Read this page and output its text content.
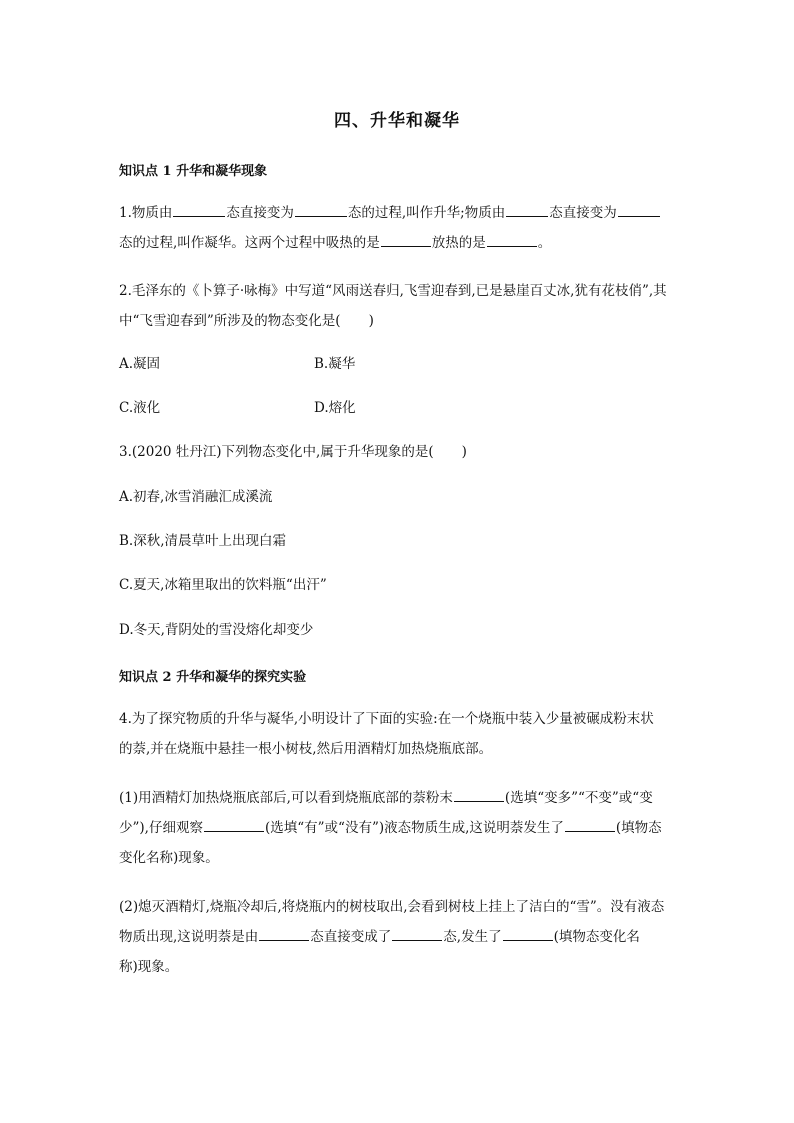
四、升华和凝华
知识点 1 升华和凝华现象
1.物质由	态直接变为	态的过程,叫作升华;物质由	态直接变为
态的过程,叫作凝华。这两个过程中吸热的是	放热的是	。
2.毛泽东的《卜算子·咏梅》中写道“风雨送春归,飞雪迎春到,已是悬崖百丈冰,犹有花枝俏”,其
中“飞雪迎春到”所涉及的物态变化是( )
A.凝固	B.凝华
C.液化	D.熔化
3.(2020 牡丹江)下列物态变化中,属于升华现象的是( )
A.初春,冰雪消融汇成溪流
B.深秋,清晨草叶上出现白霜
C.夏天,冰箱里取出的饮料瓶“出汗”
D.冬天,背阴处的雪没熔化却变少
知识点 2 升华和凝华的探究实验
4.为了探究物质的升华与凝华,小明设计了下面的实验:在一个烧瓶中装入少量被碾成粉末状
的萘,并在烧瓶中悬挂一根小树枝,然后用酒精灯加热烧瓶底部。
(1)用酒精灯加热烧瓶底部后,可以看到烧瓶底部的萘粉末	(选填“变多”“不变”或“变
少”),仔细观察	(选填“有”或“没有”)液态物质生成,这说明萘发生了	(填物态
变化名称)现象。
(2)熄灭酒精灯,烧瓶冷却后,将烧瓶内的树枝取出,会看到树枝上挂上了洁白的“雪”。没有液态
物质出现,这说明萘是由	态直接变成了	态,发生了	(填物态变化名
称)现象。
